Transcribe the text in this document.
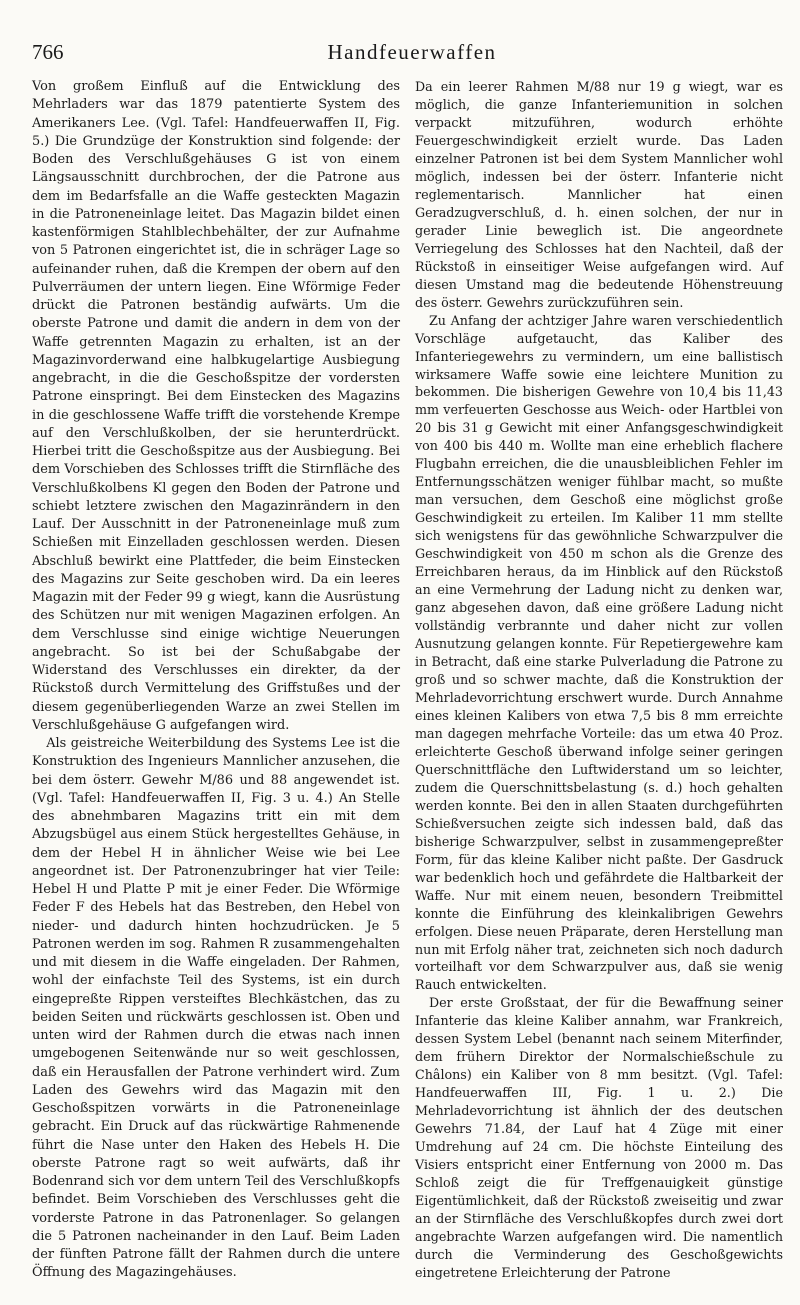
766	Handfeuerwaffen

Von großem Einfluß auf die Entwicklung des Mehrladers war das 1879 patentierte System des Amerikaners Lee. (Vgl. Tafel: Handfeuerwaffen II, Fig. 5.) Die Grundzüge der Konstruktion sind folgende: der Boden des Verschlußgehäuses G ist von einem Längsausschnitt durchbrochen, der die Patrone aus dem im Bedarfsfalle an die Waffe gesteckten Magazin in die Patroneneinlage leitet. Das Magazin bildet einen kastenförmigen Stahlblechbehälter, der zur Aufnahme von 5 Patronen eingerichtet ist, die in schräger Lage so aufeinander ruhen, daß die Krempen der obern auf den Pulverräumen der untern liegen. Eine Wförmige Feder drückt die Patronen beständig aufwärts. Um die oberste Patrone und damit die andern in dem von der Waffe getrennten Magazin zu erhalten, ist an der Magazinvorderwand eine halbkugelartige Ausbiegung angebracht, in die die Geschoßspitze der vordersten Patrone einspringt. Bei dem Einstecken des Magazins in die geschlossene Waffe trifft die vorstehende Krempe auf den Verschlußkolben, der sie herunterdrückt. Hierbei tritt die Geschoßspitze aus der Ausbiegung. Bei dem Vorschieben des Schlosses trifft die Stirnfläche des Verschlußkolbens Kl gegen den Boden der Patrone und schiebt letztere zwischen den Magazinrändern in den Lauf. Der Ausschnitt in der Patroneneinlage muß zum Schießen mit Einzelladen geschlossen werden. Diesen Abschluß bewirkt eine Plattfeder, die beim Einstecken des Magazins zur Seite geschoben wird. Da ein leeres Magazin mit der Feder 99 g wiegt, kann die Ausrüstung des Schützen nur mit wenigen Magazinen erfolgen. An dem Verschlusse sind einige wichtige Neuerungen angebracht. So ist bei der Schußabgabe der Widerstand des Verschlusses ein direkter, da der Rückstoß durch Vermittelung des Griffstußes und der diesem gegenüberliegenden Warze an zwei Stellen im Verschlußgehäuse G aufgefangen wird.

Als geistreiche Weiterbildung des Systems Lee ist die Konstruktion des Ingenieurs Mannlicher anzusehen, die bei dem österr. Gewehr M/86 und 88 angewendet ist. (Vgl. Tafel: Handfeuerwaffen II, Fig. 3 u. 4.) An Stelle des abnehmbaren Magazins tritt ein mit dem Abzugsbügel aus einem Stück hergestelltes Gehäuse, in dem der Hebel H in ähnlicher Weise wie bei Lee angeordnet ist. Der Patronenzubringer hat vier Teile: Hebel H und Platte P mit je einer Feder. Die Wförmige Feder F des Hebels hat das Bestreben, den Hebel von nieder- und dadurch hinten hochzudrücken. Je 5 Patronen werden im sog. Rahmen R zusammengehalten und mit diesem in die Waffe eingeladen. Der Rahmen, wohl der einfachste Teil des Systems, ist ein durch eingepreßte Rippen versteiftes Blechkästchen, das zu beiden Seiten und rückwärts geschlossen ist. Oben und unten wird der Rahmen durch die etwas nach innen umgebogenen Seitenwände nur so weit geschlossen, daß ein Herausfallen der Patrone verhindert wird. Zum Laden des Gewehrs wird das Magazin mit den Geschoßspitzen vorwärts in die Patroneneinlage gebracht. Ein Druck auf das rückwärtige Rahmenende führt die Nase unter den Haken des Hebels H. Die oberste Patrone ragt so weit aufwärts, daß ihr Bodenrand sich vor dem untern Teil des Verschlußkopfs befindet. Beim Vorschieben des Verschlusses geht die vorderste Patrone in das Patronenlager. So gelangen die 5 Patronen nacheinander in den Lauf. Beim Laden der fünften Patrone fällt der Rahmen durch die untere Öffnung des Magazingehäuses.

Da ein leerer Rahmen M/88 nur 19 g wiegt, war es möglich, die ganze Infanteriemunition in solchen verpackt mitzuführen, wodurch erhöhte Feuergeschwindigkeit erzielt wurde. Das Laden einzelner Patronen ist bei dem System Mannlicher wohl möglich, indessen bei der österr. Infanterie nicht reglementarisch. Mannlicher hat einen Geradzugverschluß, d. h. einen solchen, der nur in gerader Linie beweglich ist. Die angeordnete Verriegelung des Schlosses hat den Nachteil, daß der Rückstoß in einseitiger Weise aufgefangen wird. Auf diesen Umstand mag die bedeutende Höhenstreuung des österr. Gewehrs zurückzuführen sein.

Zu Anfang der achtziger Jahre waren verschiedentlich Vorschläge aufgetaucht, das Kaliber des Infanteriegewehrs zu vermindern, um eine ballistisch wirksamere Waffe sowie eine leichtere Munition zu bekommen. Die bisherigen Gewehre von 10,4 bis 11,43 mm verfeuerten Geschosse aus Weich- oder Hartblei von 20 bis 31 g Gewicht mit einer Anfangsgeschwindigkeit von 400 bis 440 m. Wollte man eine erheblich flachere Flugbahn erreichen, die die unausbleiblichen Fehler im Entfernungsschätzen weniger fühlbar macht, so mußte man versuchen, dem Geschoß eine möglichst große Geschwindigkeit zu erteilen. Im Kaliber 11 mm stellte sich wenigstens für das gewöhnliche Schwarzpulver die Geschwindigkeit von 450 m schon als die Grenze des Erreichbaren heraus, da im Hinblick auf den Rückstoß an eine Vermehrung der Ladung nicht zu denken war, ganz abgesehen davon, daß eine größere Ladung nicht vollständig verbrannte und daher nicht zur vollen Ausnutzung gelangen konnte. Für Repetiergewehre kam in Betracht, daß eine starke Pulverladung die Patrone zu groß und so schwer machte, daß die Konstruktion der Mehrladevorrichtung erschwert wurde. Durch Annahme eines kleinen Kalibers von etwa 7,5 bis 8 mm erreichte man dagegen mehrfache Vorteile: das um etwa 40 Proz. erleichterte Geschoß überwand infolge seiner geringen Querschnittfläche den Luftwiderstand um so leichter, zudem die Querschnittsbelastung (s. d.) hoch gehalten werden konnte. Bei den in allen Staaten durchgeführten Schießversuchen zeigte sich indessen bald, daß das bisherige Schwarzpulver, selbst in zusammengepreßter Form, für das kleine Kaliber nicht paßte. Der Gasdruck war bedenklich hoch und gefährdete die Haltbarkeit der Waffe. Nur mit einem neuen, besondern Treibmittel konnte die Einführung des kleinkalibrigen Gewehrs erfolgen. Diese neuen Präparate, deren Herstellung man nun mit Erfolg näher trat, zeichneten sich noch dadurch vorteilhaft vor dem Schwarzpulver aus, daß sie wenig Rauch entwickelten.

Der erste Großstaat, der für die Bewaffnung seiner Infanterie das kleine Kaliber annahm, war Frankreich, dessen System Lebel (benannt nach seinem Miterfinder, dem frühern Direktor der Normalschießschule zu Châlons) ein Kaliber von 8 mm besitzt. (Vgl. Tafel: Handfeuerwaffen III, Fig. 1 u. 2.) Die Mehrladevorrichtung ist ähnlich der des deutschen Gewehrs 71.84, der Lauf hat 4 Züge mit einer Umdrehung auf 24 cm. Die höchste Einteilung des Visiers entspricht einer Entfernung von 2000 m. Das Schloß zeigt die für Treffgenauigkeit günstige Eigentümlichkeit, daß der Rückstoß zweiseitig und zwar an der Stirnfläche des Verschlußkopfes durch zwei dort angebrachte Warzen aufgefangen wird. Die namentlich durch die Verminderung des Geschoßgewichts eingetretene Erleichterung der Patrone
